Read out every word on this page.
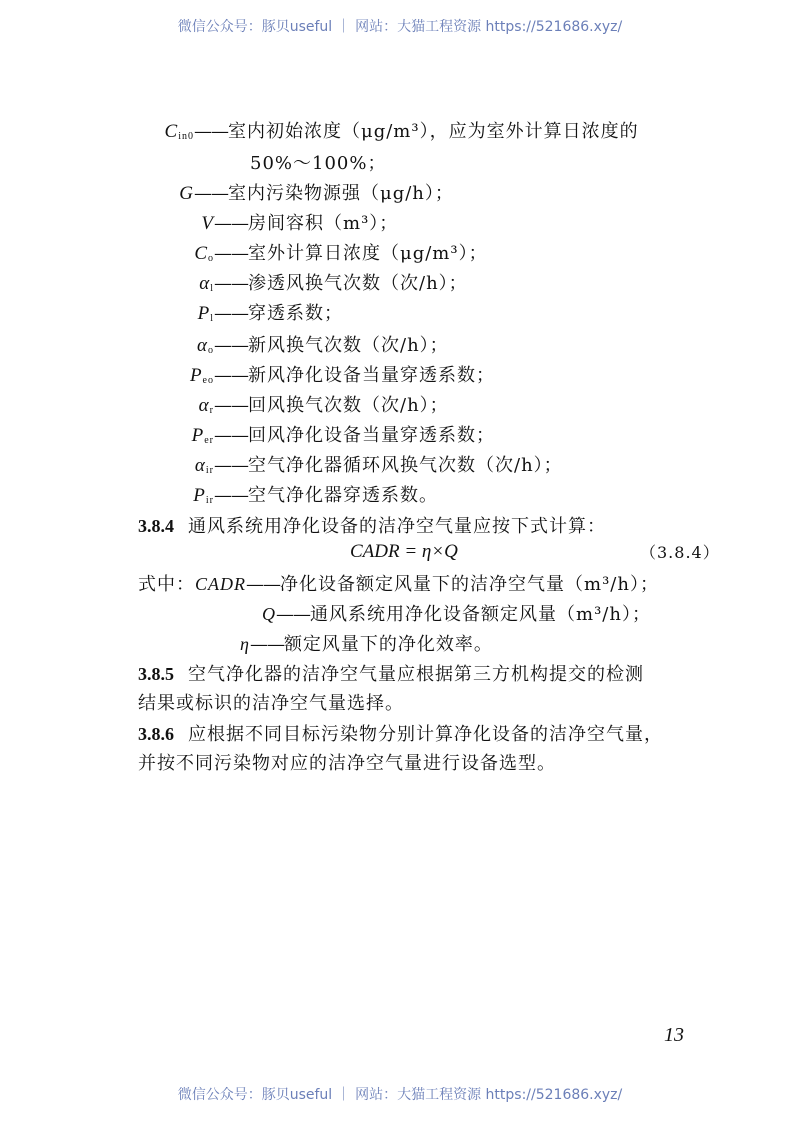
微信公众号：豚贝useful ｜ 网站：大猫工程资源 https://521686.xyz/
$C_{in0}——$室内初始浓度（μg/m³），应为室外计算日浓度的
50%～100%；
G——室内污染物源强（μg/h）；
V——房间容积（m³）；
$C_o——$室外计算日浓度（μg/m³）；
$\alpha_l——$渗透风换气次数（次/h）；
$P_l——$穿透系数；
$\alpha_o——$新风换气次数（次/h）；
$P_{eo}——$新风净化设备当量穿透系数；
$\alpha_r——$回风换气次数（次/h）；
$P_{er}——$回风净化设备当量穿透系数；
$\alpha_{ir}——$空气净化器循环风换气次数（次/h）；
$P_{ir}——$空气净化器穿透系数。
3.8.4 通风系统用净化设备的洁净空气量应按下式计算：
CADR = η×Q	（3.8.4）
式中：CADR——净化设备额定风量下的洁净空气量（m³/h）；
Q——通风系统用净化设备额定风量（m³/h）；
η——额定风量下的净化效率。
3.8.5 空气净化器的洁净空气量应根据第三方机构提交的检测
结果或标识的洁净空气量选择。
3.8.6 应根据不同目标污染物分别计算净化设备的洁净空气量，
并按不同污染物对应的洁净空气量进行设备选型。
13
微信公众号：豚贝useful ｜ 网站：大猫工程资源 https://521686.xyz/
